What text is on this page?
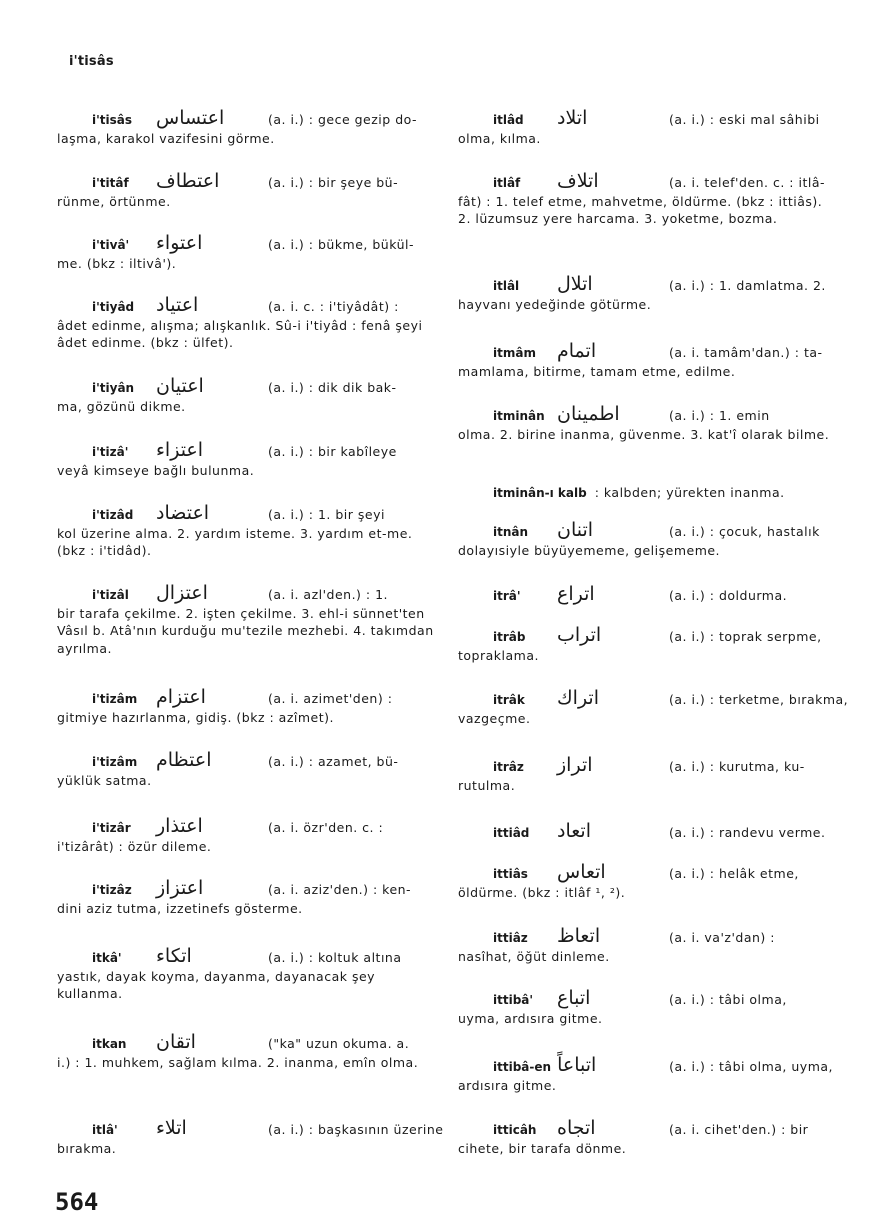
i'tisâs
i'tisâs	اعتساس	(a. i.) : gece gezip do-
laşma, karakol vazifesini görme.
i'titâf	اعتطاف	(a. i.) : bir şeye bü-
rünme, örtünme.
i'tivâ'	اعتواء	(a. i.) : bükme, bükül-
me. (bkz : iltivâ').
i'tiyâd	اعتیاد	(a. i. c. : i'tiyâdât) :
âdet edinme, alışma; alışkanlık. Sû-i i'tiyâd : fenâ şeyi âdet edinme. (bkz : ülfet).
i'tiyân	اعتیان	(a. i.) : dik dik bak-
ma, gözünü dikme.
i'tizâ'	اعتزاء	(a. i.) : bir kabîleye
veyâ kimseye bağlı bulunma.
i'tizâd	اعتضاد	(a. i.) : 1. bir şeyi
kol üzerine alma. 2. yardım isteme. 3. yardım et-me. (bkz : i'tidâd).
i'tizâl	اعتزال	(a. i. azl'den.) : 1.
bir tarafa çekilme. 2. işten çekilme. 3. ehl-i sünnet'ten Vâsıl b. Atâ'nın kurduğu mu'tezile mezhebi. 4. takımdan ayrılma.
i'tizâm اعتزام	(a. i. azimet'den) :
gitmiye hazırlanma, gidiş. (bkz : azîmet).
i'tizâm اعتظام	(a. i.) : azamet, bü-
yüklük satma.
i'tizâr	اعتذار	(a. i. özr'den. c. :
i'tizârât) : özür dileme.
i'tizâz	اعتزاز	(a. i. aziz'den.) : ken-
dini aziz tutma, izzetinefs gösterme.
itkâ'	اتکاء	(a. i.) : koltuk altına
yastık, dayak koyma, dayanma, dayanacak şey kullanma.
itkan	اتقان	("ka" uzun okuma. a.
i.) : 1. muhkem, sağlam kılma. 2. inanma, emîn olma.
itlâ'	اتلاء	(a. i.) : başkasının üzerine
bırakma.
itlâd	اتلاد	(a. i.) : eski mal sâhibi
olma, kılma.
itlâf	اتلاف	(a. i. telef'den. c. : itlâ-
fât) : 1. telef etme, mahvetme, öldürme. (bkz : ittiâs). 2. lüzumsuz yere harcama. 3. yoketme, bozma.
itlâl	اتلال	(a. i.) : 1. damlatma. 2.
hayvanı yedeğinde götürme.
itmâm	اتمام	(a. i. tamâm'dan.) : ta-
mamlama, bitirme, tamam etme, edilme.
itminân اطمینان	(a. i.) : 1. emin
olma. 2. birine inanma, güvenme. 3. kat'î olarak bilme.
itminân-ı kalb : kalbden; yürekten inanma.
itnân	اتنان	(a. i.) : çocuk, hastalık
dolayısiyle büyüyememe, gelişememe.
itrâ'	اتراع	(a. i.) : doldurma.
itrâb	اتراب	(a. i.) : toprak serpme,
topraklama.
itrâk	اتراك	(a. i.) : terketme, bırakma,
vazgeçme.
itrâz	اتراز	(a. i.) : kurutma, ku-
rutulma.
ittiâd	اتعاد	(a. i.) : randevu verme.
ittiâs	اتعاس	(a. i.) : helâk etme,
öldürme. (bkz : itlâf ¹, ²).
ittiâz	اتعاظ	(a. i. va'z'dan) :
nasîhat, öğüt dinleme.
ittibâ'	اتباع	(a. i.) : tâbi olma,
uyma, ardısıra gitme.
ittibâ-en اتباعاً	(a. i.) : tâbi olma, uyma,
ardısıra gitme.
itticâh	اتجاه	(a. i. cihet'den.) : bir
cihete, bir tarafa dönme.
564
